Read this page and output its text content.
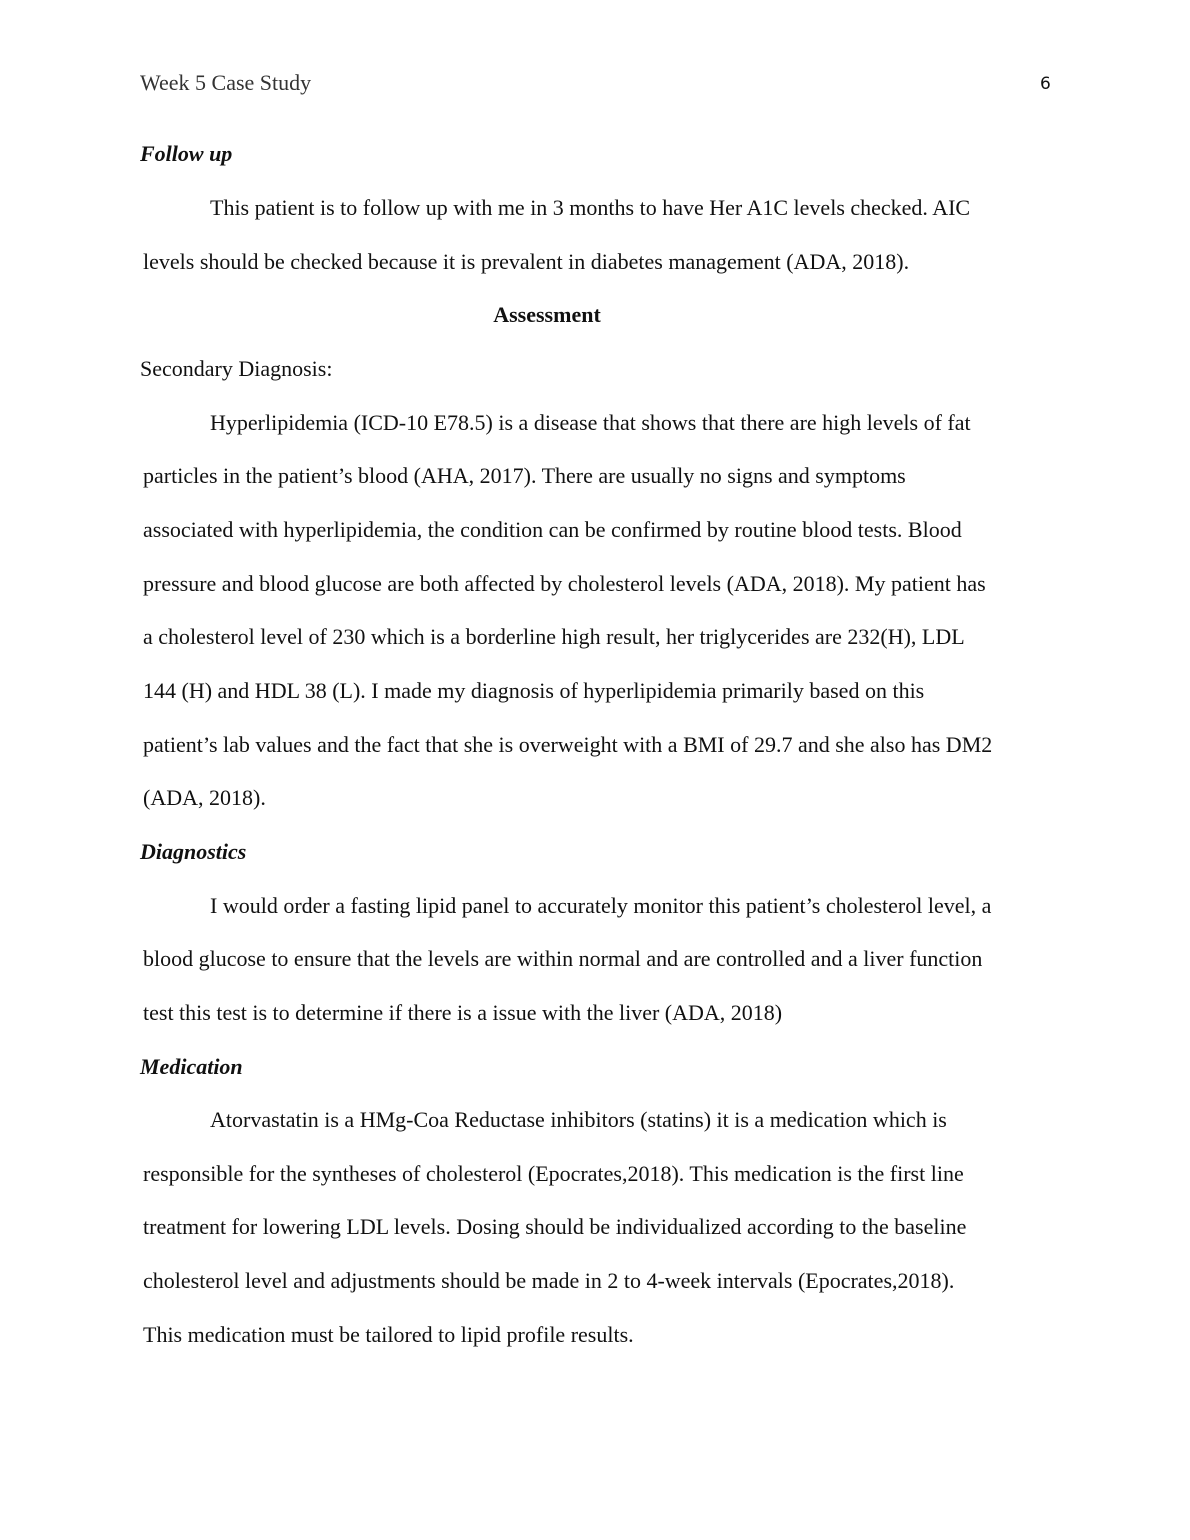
Week 5 Case Study	6
Follow up
This patient is to follow up with me in 3 months to have Her A1C levels checked. AIC
levels should be checked because it is prevalent in diabetes management (ADA, 2018).
Assessment
Secondary Diagnosis:
Hyperlipidemia (ICD-10 E78.5) is a disease that shows that there are high levels of fat
particles in the patient’s blood (AHA, 2017). There are usually no signs and symptoms
associated with hyperlipidemia, the condition can be confirmed by routine blood tests. Blood
pressure and blood glucose are both affected by cholesterol levels (ADA, 2018). My patient has
a cholesterol level of 230 which is a borderline high result, her triglycerides are 232(H), LDL
144 (H) and HDL 38 (L). I made my diagnosis of hyperlipidemia primarily based on this
patient’s lab values and the fact that she is overweight with a BMI of 29.7 and she also has DM2
(ADA, 2018).
Diagnostics
I would order a fasting lipid panel to accurately monitor this patient’s cholesterol level, a
blood glucose to ensure that the levels are within normal and are controlled and a liver function
test this test is to determine if there is a issue with the liver (ADA, 2018)
Medication
Atorvastatin is a HMg-Coa Reductase inhibitors (statins) it is a medication which is
responsible for the syntheses of cholesterol (Epocrates,2018). This medication is the first line
treatment for lowering LDL levels. Dosing should be individualized according to the baseline
cholesterol level and adjustments should be made in 2 to 4-week intervals (Epocrates,2018).
This medication must be tailored to lipid profile results.
